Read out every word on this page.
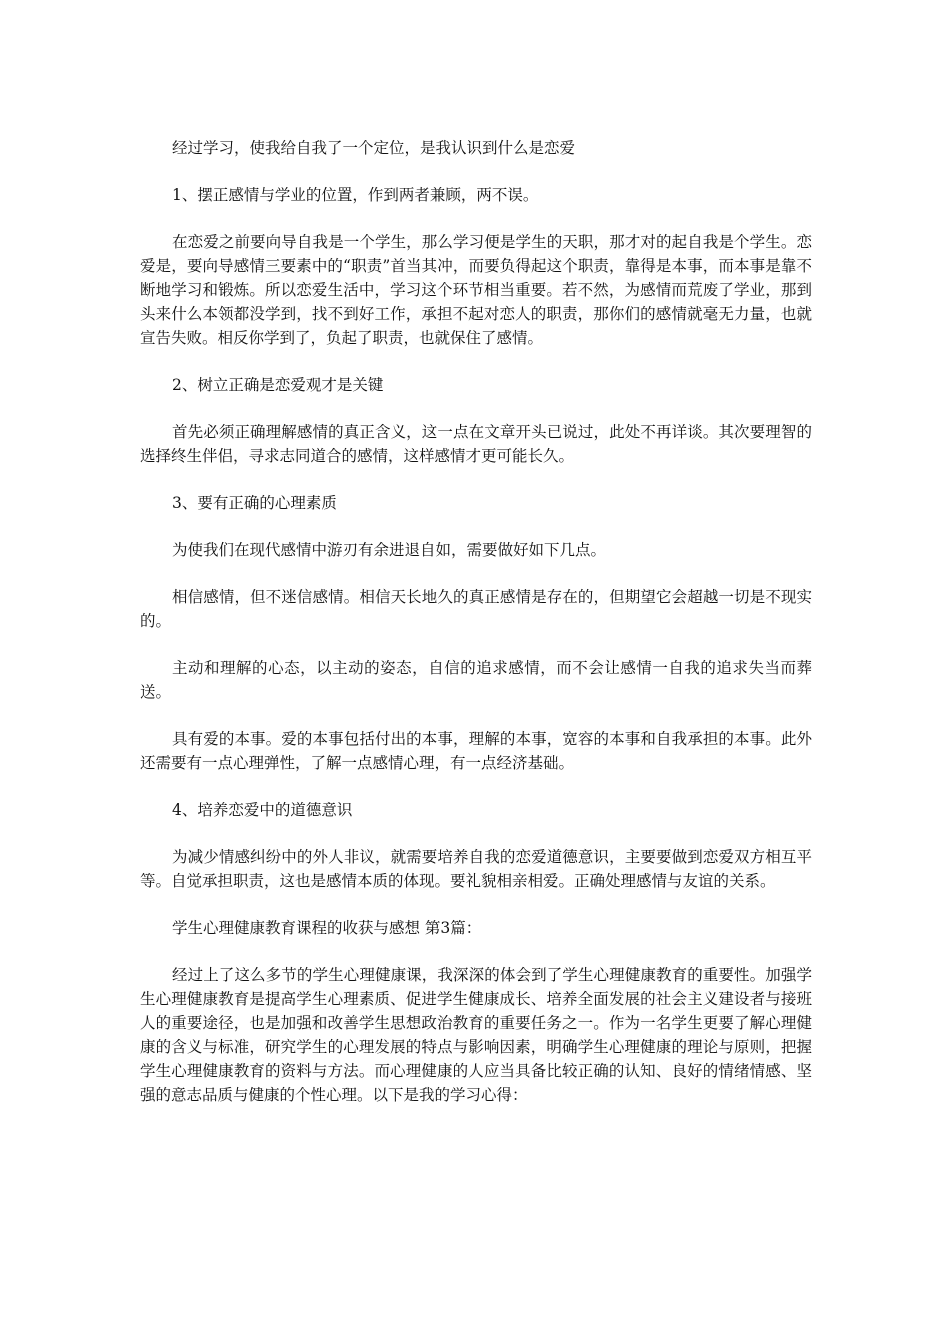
经过学习，使我给自我了一个定位，是我认识到什么是恋爱

1、摆正感情与学业的位置，作到两者兼顾，两不误。

在恋爱之前要向导自我是一个学生，那么学习便是学生的天职，那才对的起自我是个学生。恋爱是，要向导感情三要素中的“职责”首当其冲，而要负得起这个职责，靠得是本事，而本事是靠不断地学习和锻炼。所以恋爱生活中，学习这个环节相当重要。若不然，为感情而荒废了学业，那到头来什么本领都没学到，找不到好工作，承担不起对恋人的职责，那你们的感情就毫无力量，也就宣告失败。相反你学到了，负起了职责，也就保住了感情。

2、树立正确是恋爱观才是关键

首先必须正确理解感情的真正含义，这一点在文章开头已说过，此处不再详谈。其次要理智的选择终生伴侣，寻求志同道合的感情，这样感情才更可能长久。

3、要有正确的心理素质

为使我们在现代感情中游刃有余进退自如，需要做好如下几点。

相信感情，但不迷信感情。相信天长地久的真正感情是存在的，但期望它会超越一切是不现实的。

主动和理解的心态，以主动的姿态，自信的追求感情，而不会让感情一自我的追求失当而葬送。

具有爱的本事。爱的本事包括付出的本事，理解的本事，宽容的本事和自我承担的本事。此外还需要有一点心理弹性，了解一点感情心理，有一点经济基础。

4、培养恋爱中的道德意识

为减少情感纠纷中的外人非议，就需要培养自我的恋爱道德意识，主要要做到恋爱双方相互平等。自觉承担职责，这也是感情本质的体现。要礼貌相亲相爱。正确处理感情与友谊的关系。

学生心理健康教育课程的收获与感想 第3篇：

经过上了这么多节的学生心理健康课，我深深的体会到了学生心理健康教育的重要性。加强学生心理健康教育是提高学生心理素质、促进学生健康成长、培养全面发展的社会主义建设者与接班人的重要途径，也是加强和改善学生思想政治教育的重要任务之一。作为一名学生更要了解心理健康的含义与标准，研究学生的心理发展的特点与影响因素，明确学生心理健康的理论与原则，把握学生心理健康教育的资料与方法。而心理健康的人应当具备比较正确的认知、良好的情绪情感、坚强的意志品质与健康的个性心理。以下是我的学习心得：
